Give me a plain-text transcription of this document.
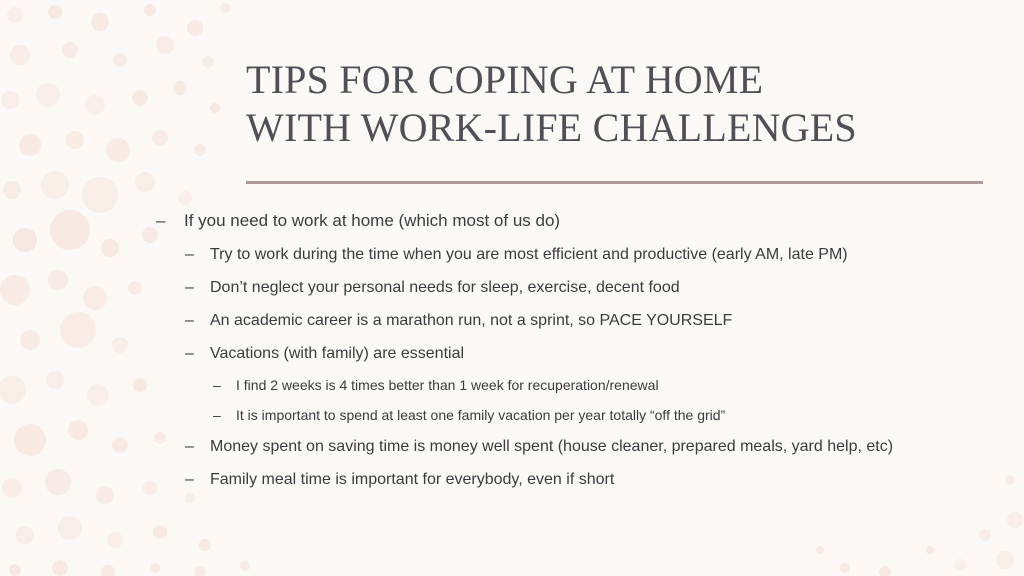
TIPS FOR COPING AT HOME
WITH WORK-LIFE CHALLENGES
– If you need to work at home (which most of us do)
– Try to work during the time when you are most efficient and productive (early AM, late PM)
– Don’t neglect your personal needs for sleep, exercise, decent food
– An academic career is a marathon run, not a sprint, so PACE YOURSELF
– Vacations (with family) are essential
– I find 2 weeks is 4 times better than 1 week for recuperation/renewal
– It is important to spend at least one family vacation per year totally “off the grid”
– Money spent on saving time is money well spent (house cleaner, prepared meals, yard help, etc)
– Family meal time is important for everybody, even if short
